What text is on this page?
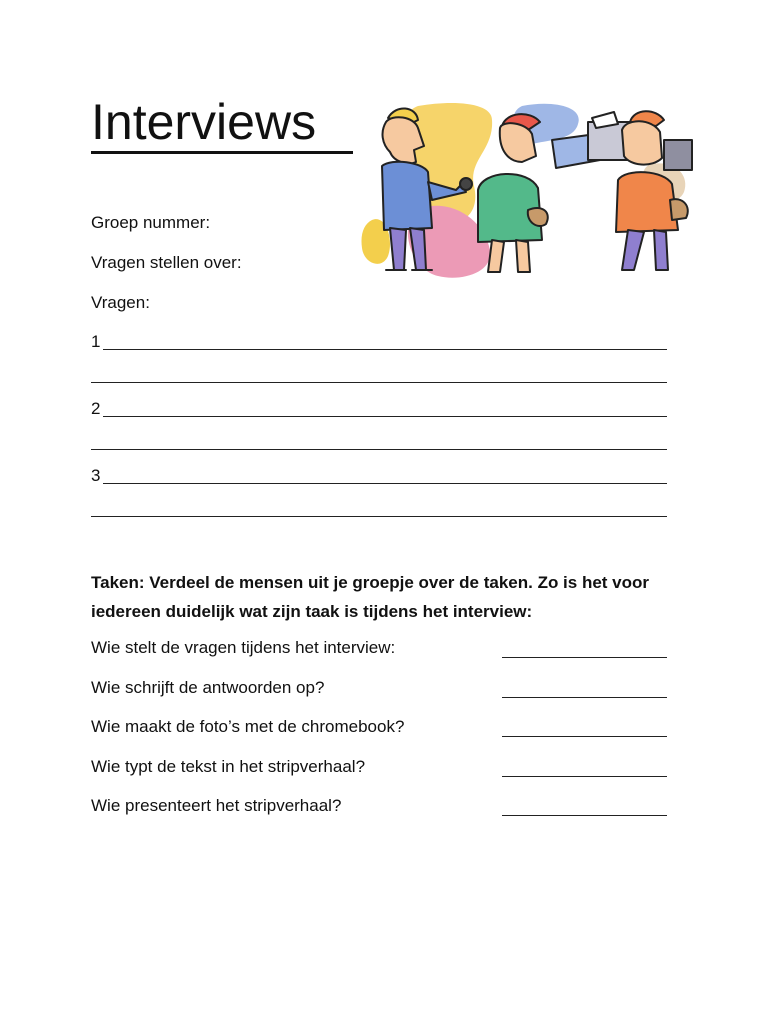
Interviews
Groep nummer:
Vragen stellen over:
Vragen:
1
2
3
Taken: Verdeel de mensen uit je groepje over de taken. Zo is het voor iedereen duidelijk wat zijn taak is tijdens het interview:
Wie stelt de vragen tijdens het interview:
Wie schrijft de antwoorden op?
Wie maakt de foto’s met de chromebook?
Wie typt de tekst in het stripverhaal?
Wie presenteert het stripverhaal?
